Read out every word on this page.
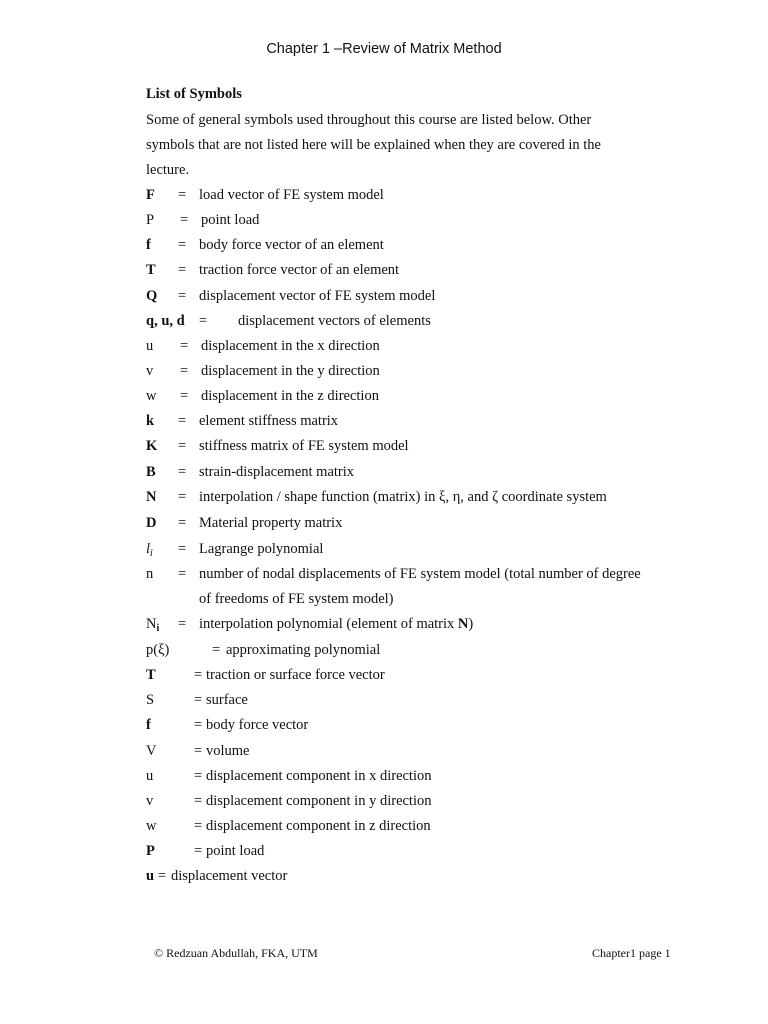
Chapter 1 –Review of Matrix Method
List of Symbols
Some of general symbols used throughout this course are listed below. Other
symbols that are not listed here will be explained when they are covered in the
lecture.
F = load vector of FE system model
P = point load
f = body force vector of an element
T = traction force vector of an element
Q = displacement vector of FE system model
q, u, d = displacement vectors of elements
u = displacement in the x direction
v = displacement in the y direction
w = displacement in the z direction
k = element stiffness matrix
K = stiffness matrix of FE system model
B = strain-displacement matrix
N = interpolation / shape function (matrix) in ξ, η, and ζ coordinate system
D = Material property matrix
$l_i$ = Lagrange polynomial
n = number of nodal displacements of FE system model (total number of degree
of freedoms of FE system model)
$N_i$ = interpolation polynomial (element of matrix N)
p(ξ)	= approximating polynomial
T	= traction or surface force vector
S	= surface
f	= body force vector
V	= volume
u	= displacement component in x direction
v	= displacement component in y direction
w	= displacement component in z direction
P	= point load
u = displacement vector
© Redzuan Abdullah, FKA, UTM	Chapter1 page 1
